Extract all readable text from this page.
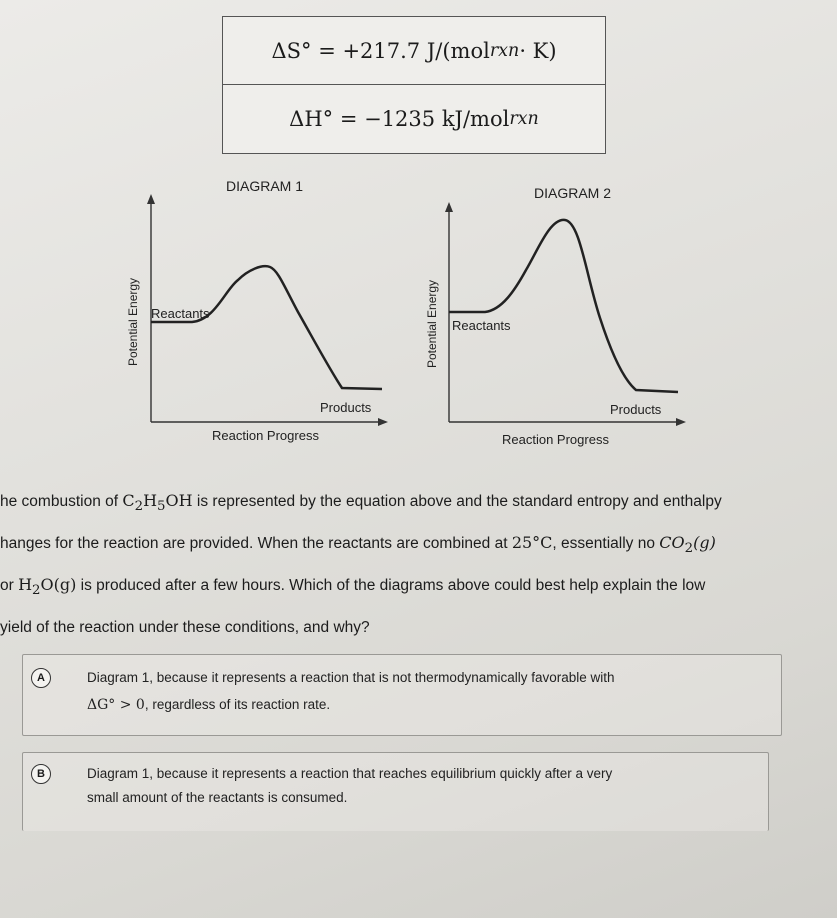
ΔS°
= +217.7 J/(mol rxn · K)
ΔH°
= −1235 kJ/mol rxn
DIAGRAM 1
Potential Energy Reactants
Products
Reaction Progress
DIAGRAM 2
Potential Energy Reactants
Products
Reaction Progress
he combustion of $C_2H_5OH$ is represented by the equation above and the standard entropy and enthalpy
hanges for the reaction are provided. When the reactants are combined at 25°C, essentially no $CO_2(g)$
or $H_2O(g)$ is produced after a few hours. Which of the diagrams above could best help explain the low
yield of the reaction under these conditions, and why?
A	Diagram 1, because it represents a reaction that is not thermodynamically favorable with
ΔG° > 0, regardless of its reaction rate.
B	Diagram 1, because it represents a reaction that reaches equilibrium quickly after a very
small amount of the reactants is consumed.
